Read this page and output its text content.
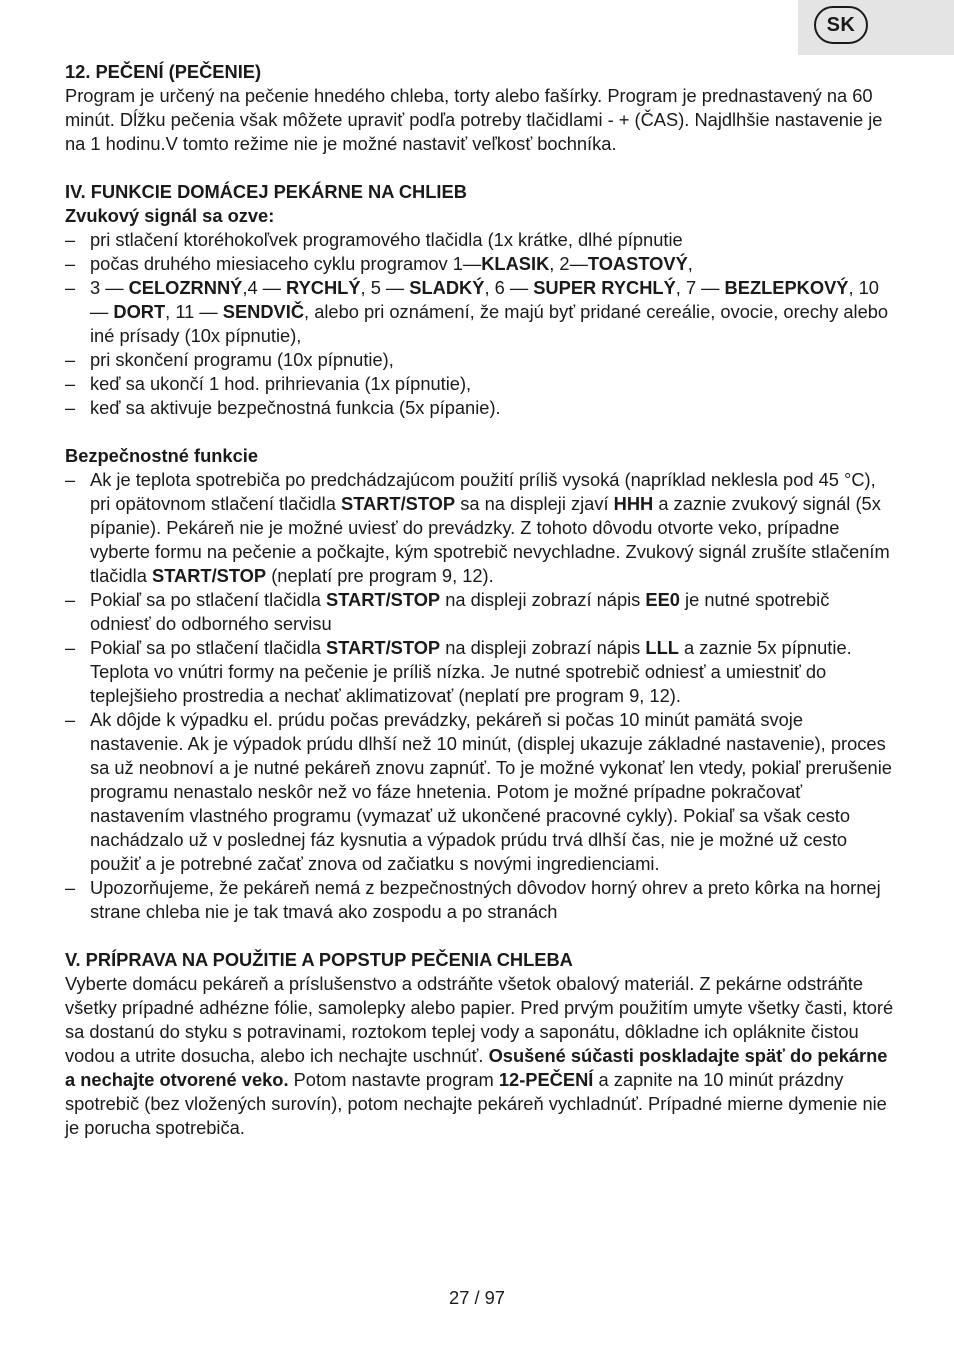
SK

12. PEČENÍ (PEČENIE)

Program je určený na pečenie hnedého chleba, torty alebo fašírky. Program je prednastavený na 60 minút. Dĺžku pečenia však môžete upraviť podľa potreby tlačidlami - + (ČAS). Najdlhšie nastavenie je na 1 hodinu.V tomto režime nie je možné nastaviť veľkosť bochníka.

IV. FUNKCIE DOMÁCEJ PEKÁRNE NA CHLIEB

Zvukový signál sa ozve:

– pri stlačení ktoréhokoľvek programového tlačidla (1x krátke, dlhé pípnutie
– počas druhého miesiaceho cyklu programov 1—KLASIK, 2—TOASTOVÝ,
– 3 — CELOZRNNÝ,4 — RYCHLÝ, 5 — SLADKÝ, 6 — SUPER RYCHLÝ, 7 — BEZLEPKOVÝ, 10 — DORT, 11 — SENDVIČ, alebo pri oznámení, že majú byť pridané cereálie, ovocie, orechy alebo iné prísady (10x pípnutie),
– pri skončení programu (10x pípnutie),
– keď sa ukončí 1 hod. prihrievania (1x pípnutie),
– keď sa aktivuje bezpečnostná funkcia (5x pípanie).

Bezpečnostné funkcie

– Ak je teplota spotrebiča po predchádzajúcom použití príliš vysoká (napríklad neklesla pod 45 °C), pri opätovnom stlačení tlačidla START/STOP sa na displeji zjaví HHH a zaznie zvukový signál (5x pípanie). Pekáreň nie je možné uviesť do prevádzky. Z tohoto dôvodu otvorte veko, prípadne vyberte formu na pečenie a počkajte, kým spotrebič nevychladne. Zvukový signál zrušíte stlačením tlačidla START/STOP (neplatí pre program 9, 12).
– Pokiaľ sa po stlačení tlačidla START/STOP na displeji zobrazí nápis EE0 je nutné spotrebič odniesť do odborného servisu
– Pokiaľ sa po stlačení tlačidla START/STOP na displeji zobrazí nápis LLL a zaznie 5x pípnutie. Teplota vo vnútri formy na pečenie je príliš nízka. Je nutné spotrebič odniesť a umiestniť do teplejšieho prostredia a nechať aklimatizovať (neplatí pre program 9, 12).
– Ak dôjde k výpadku el. prúdu počas prevádzky, pekáreň si počas 10 minút pamätá svoje nastavenie. Ak je výpadok prúdu dlhší než 10 minút, (displej ukazuje základné nastavenie), proces sa už neobnoví a je nutné pekáreň znovu zapnúť. To je možné vykonať len vtedy, pokiaľ prerušenie programu nenastalo neskôr než vo fáze hnetenia. Potom je možné prípadne pokračovať nastavením vlastného programu (vymazať už ukončené pracovné cykly). Pokiaľ sa však cesto nachádzalo už v poslednej fáz kysnutia a výpadok prúdu trvá dlhší čas, nie je možné už cesto použiť a je potrebné začať znova od začiatku s novými ingredienciami.
– Upozorňujeme, že pekáreň nemá z bezpečnostných dôvodov horný ohrev a preto kôrka na hornej strane chleba nie je tak tmavá ako zospodu a po stranách

V. PRÍPRAVA NA POUŽITIE A POPSTUP PEČENIA CHLEBA

Vyberte domácu pekáreň a príslušenstvo a odstráňte všetok obalový materiál. Z pekárne odstráňte všetky prípadné adhézne fólie, samolepky alebo papier. Pred prvým použitím umyte všetky časti, ktoré sa dostanú do styku s potravinami, roztokom teplej vody a saponátu, dôkladne ich opláknite čistou vodou a utrite dosucha, alebo ich nechajte uschnúť. Osušené súčasti poskladajte späť do pekárne a nechajte otvorené veko. Potom nastavte program 12-PEČENÍ a zapnite na 10 minút prázdny spotrebič (bez vložených surovín), potom nechajte pekáreň vychladnúť. Prípadné mierne dymenie nie je porucha spotrebiča.

27 / 97
